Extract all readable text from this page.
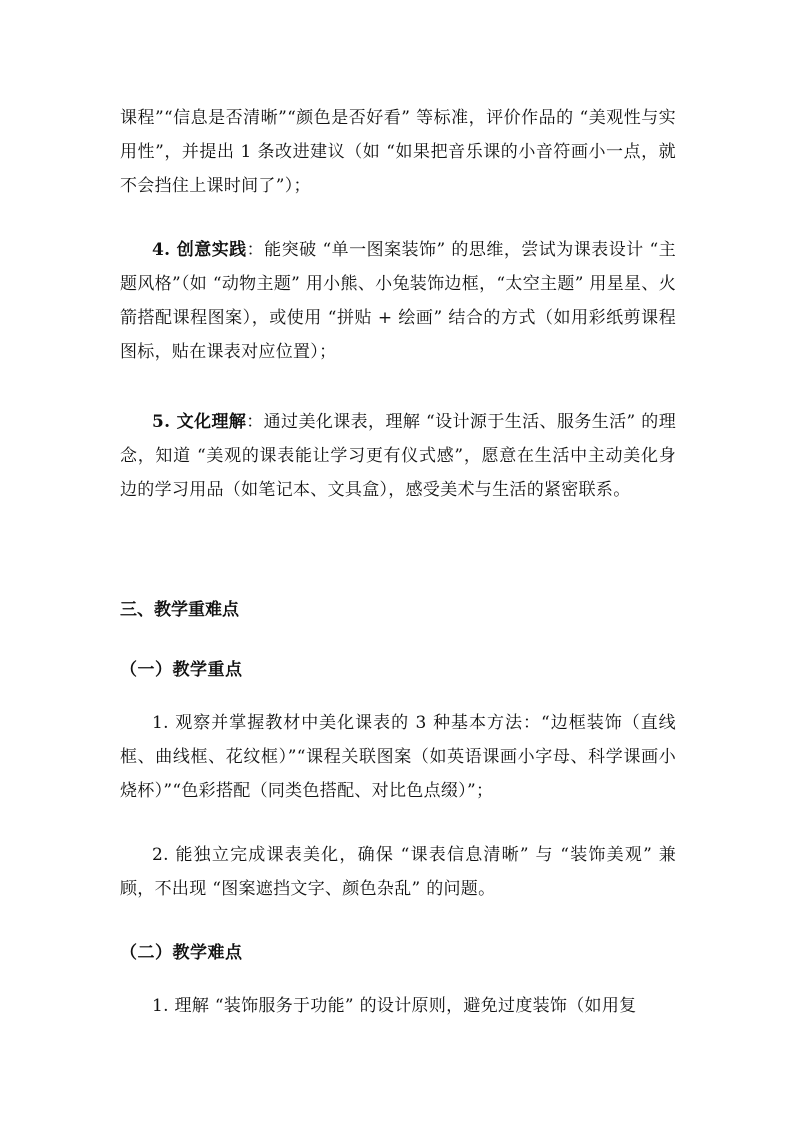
课程”“信息是否清晰”“颜色是否好看” 等标准，评价作品的 “美观性与实用性”，并提出 1 条改进建议（如 “如果把音乐课的小音符画小一点，就不会挡住上课时间了”）；

4. 创意实践：能突破 “单一图案装饰” 的思维，尝试为课表设计 “主题风格”（如 “动物主题” 用小熊、小兔装饰边框，“太空主题” 用星星、火箭搭配课程图案），或使用 “拼贴 + 绘画” 结合的方式（如用彩纸剪课程图标，贴在课表对应位置）；

5. 文化理解：通过美化课表，理解 “设计源于生活、服务生活” 的理念，知道 “美观的课表能让学习更有仪式感”，愿意在生活中主动美化身边的学习用品（如笔记本、文具盒），感受美术与生活的紧密联系。

三、教学重难点
（一）教学重点

1. 观察并掌握教材中美化课表的 3 种基本方法：“边框装饰（直线框、曲线框、花纹框）”“课程关联图案（如英语课画小字母、科学课画小烧杯）”“色彩搭配（同类色搭配、对比色点缀）”；

2. 能独立完成课表美化，确保 “课表信息清晰” 与 “装饰美观” 兼顾，不出现 “图案遮挡文字、颜色杂乱” 的问题。

（二）教学难点

1. 理解 “装饰服务于功能” 的设计原则，避免过度装饰（如用复
